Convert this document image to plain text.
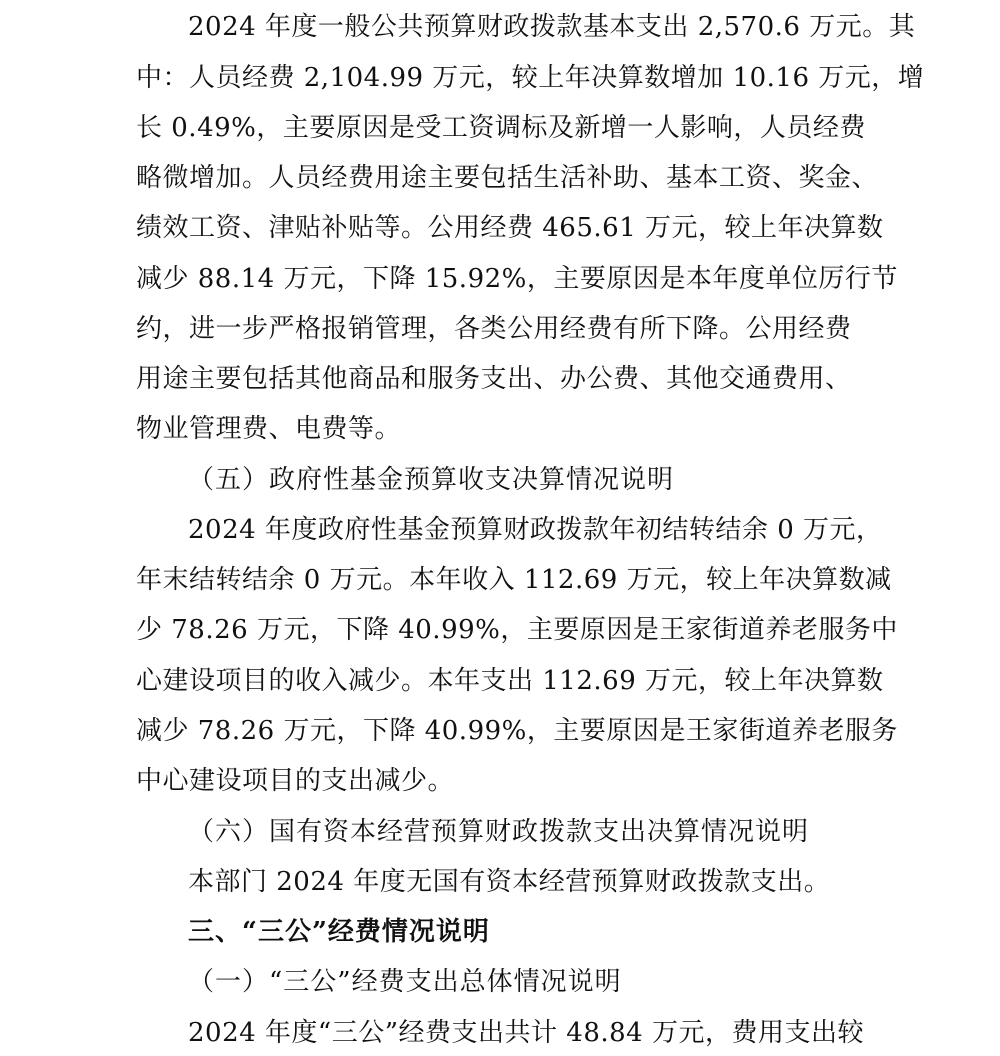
2024 年度一般公共预算财政拨款基本支出 2,570.6 万元。其
中：人员经费 2,104.99 万元，较上年决算数增加 10.16 万元，增
长 0.49%，主要原因是受工资调标及新增一人影响，人员经费
略微增加。人员经费用途主要包括生活补助、基本工资、奖金、
绩效工资、津贴补贴等。公用经费 465.61 万元，较上年决算数
减少 88.14 万元，下降 15.92%，主要原因是本年度单位厉行节
约，进一步严格报销管理，各类公用经费有所下降。公用经费
用途主要包括其他商品和服务支出、办公费、其他交通费用、
物业管理费、电费等。
（五）政府性基金预算收支决算情况说明
2024 年度政府性基金预算财政拨款年初结转结余 0 万元，
年末结转结余 0 万元。本年收入 112.69 万元，较上年决算数减
少 78.26 万元，下降 40.99%，主要原因是王家街道养老服务中
心建设项目的收入减少。本年支出 112.69 万元，较上年决算数
减少 78.26 万元，下降 40.99%，主要原因是王家街道养老服务
中心建设项目的支出减少。
（六）国有资本经营预算财政拨款支出决算情况说明
本部门 2024 年度无国有资本经营预算财政拨款支出。
三、“三公”经费情况说明
（一）“三公”经费支出总体情况说明
2024 年度“三公”经费支出共计 48.84 万元，费用支出较
